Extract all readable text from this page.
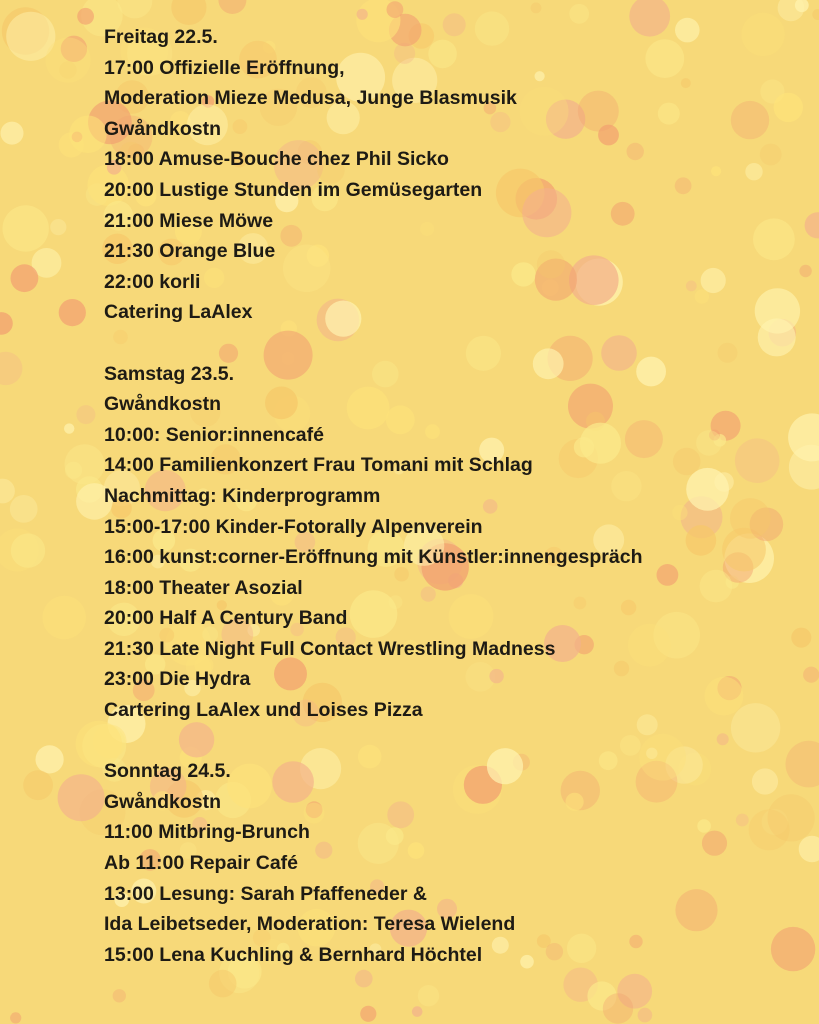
Freitag 22.5.
17:00 Offizielle Eröffnung,
Moderation Mieze Medusa, Junge Blasmusik
Gwåndkostn
18:00 Amuse-Bouche chez Phil Sicko
20:00 Lustige Stunden im Gemüsegarten
21:00 Miese Möwe
21:30 Orange Blue
22:00 korli
Catering LaAlex
Samstag 23.5.
Gwåndkostn
10:00: Senior:innencafé
14:00 Familienkonzert Frau Tomani mit Schlag
Nachmittag: Kinderprogramm
15:00-17:00 Kinder-Fotorally Alpenverein
16:00 kunst:corner-Eröffnung mit Künstler:innengespräch
18:00 Theater Asozial
20:00 Half A Century Band
21:30 Late Night Full Contact Wrestling Madness
23:00 Die Hydra
Cartering LaAlex und Loises Pizza
Sonntag 24.5.
Gwåndkostn
11:00 Mitbring-Brunch
Ab 11:00 Repair Café
13:00 Lesung: Sarah Pfaffeneder &
Ida Leibetseder, Moderation: Teresa Wielend
15:00 Lena Kuchling & Bernhard Höchtel
